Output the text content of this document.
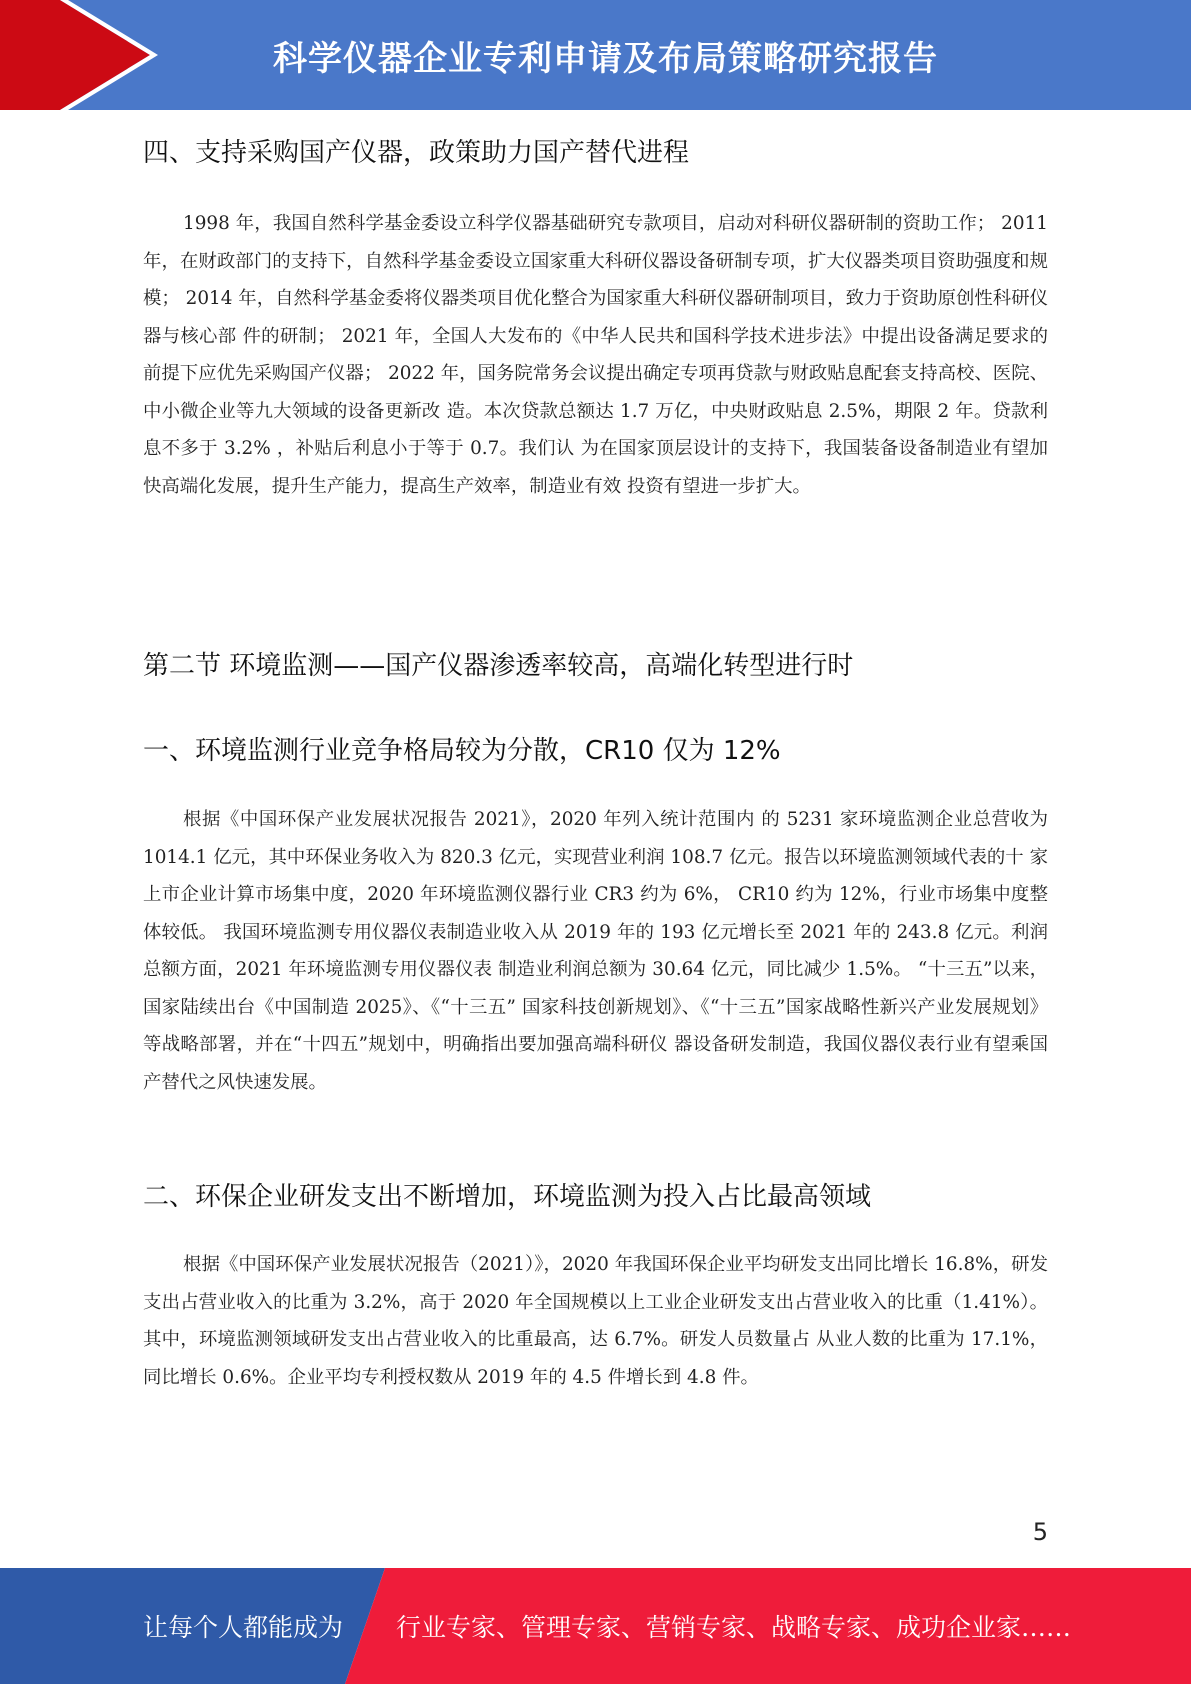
科学仪器企业专利申请及布局策略研究报告
四、支持采购国产仪器，政策助力国产替代进程

1998 年，我国自然科学基金委设立科学仪器基础研究专款项目，启动对科研仪器研制的资助工作； 2011 年，在财政部门的支持下，自然科学基金委设立国家重大科研仪器设备研制专项，扩大仪器类项目资助强度和规 模； 2014 年，自然科学基金委将仪器类项目优化整合为国家重大科研仪器研制项目，致力于资助原创性科研仪器与核心部 件的研制； 2021 年，全国人大发布的《中华人民共和国科学技术进步法》中提出设备满足要求的前提下应优先采购国产仪器； 2022 年，国务院常务会议提出确定专项再贷款与财政贴息配套支持高校、医院、中小微企业等九大领域的设备更新改 造。本次贷款总额达 1.7 万亿，中央财政贴息 2.5%，期限 2 年。贷款利息不多于 3.2% ，补贴后利息小于等于 0.7。我们认 为在国家顶层设计的支持下，我国装备设备制造业有望加快高端化发展，提升生产能力，提高生产效率，制造业有效 投资有望进一步扩大。

第二节 环境监测——国产仪器渗透率较高，高端化转型进行时
一、环境监测行业竞争格局较为分散，CR10 仅为 12%

根据《中国环保产业发展状况报告 2021》，2020 年列入统计范围内 的 5231 家环境监测企业总营收为 1014.1 亿元，其中环保业务收入为 820.3 亿元，实现营业利润 108.7 亿元。报告以环境监测领域代表的十 家上市企业计算市场集中度，2020 年环境监测仪器行业 CR3 约为 6%， CR10 约为 12%，行业市场集中度整体较低。 我国环境监测专用仪器仪表制造业收入从 2019 年的 193 亿元增长至 2021 年的 243.8 亿元。利润总额方面，2021 年环境监测专用仪器仪表 制造业利润总额为 30.64 亿元，同比减少 1.5%。 “十三五”以来，国家陆续出台《中国制造 2025》、《“十三五” 国家科技创新规划》、《“十三五”国家战略性新兴产业发展规划》 等战略部署，并在“十四五”规划中，明确指出要加强高端科研仪 器设备研发制造，我国仪器仪表行业有望乘国产替代之风快速发展。

二、环保企业研发支出不断增加，环境监测为投入占比最高领域

根据《中国环保产业发展状况报告（2021）》，2020 年我国环保企业平均研发支出同比增长 16.8%，研发支出占营业收入的比重为 3.2%，高于 2020 年全国规模以上工业企业研发支出占营业收入的比重（1.41%）。其中，环境监测领域研发支出占营业收入的比重最高，达 6.7%。研发人员数量占 从业人数的比重为 17.1%，同比增长 0.6%。企业平均专利授权数从 2019 年的 4.5 件增长到 4.8 件。

5
让每个人都能成为 行业专家、管理专家、营销专家、战略专家、成功企业家……
